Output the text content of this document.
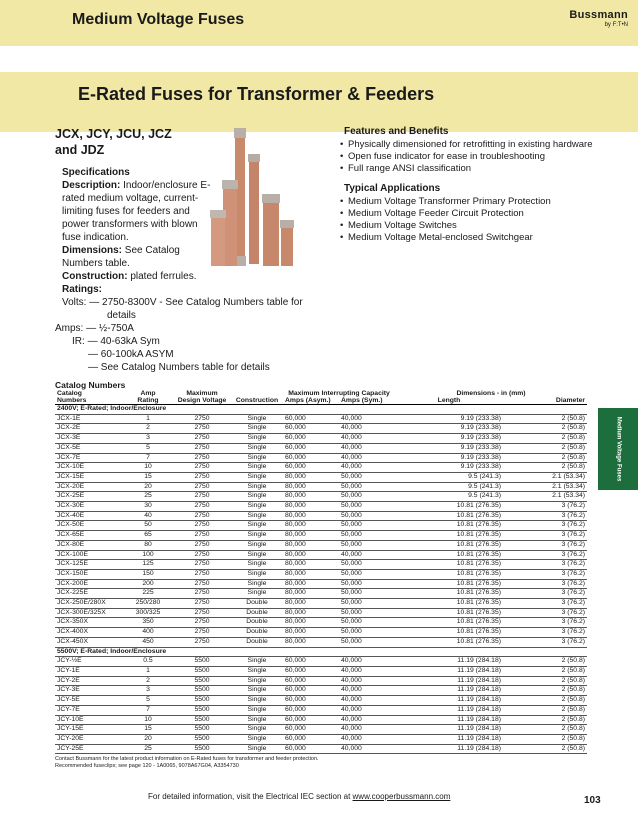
Medium Voltage Fuses	Bussmann
by F:T•N
E-Rated Fuses for Transformer & Feeders
JCX, JCY, JCU, JCZ
and JDZ
Specifications
Description: Indoor/enclosure E-rated medium voltage, current-limiting fuses for feeders and power transformers with blown fuse indication.
Dimensions: See Catalog Numbers table.
Construction: plated ferrules.
Ratings:
Volts: — 2750-8300V - See Catalog Numbers table for
details
Amps: — ½-750A
IR: — 40-63kA Sym
— 60-100kA ASYM
— See Catalog Numbers table for details
Features and Benefits
• Physically dimensioned for retrofitting in existing hardware
• Open fuse indicator for ease in troubleshooting
• Full range ANSI classification
Typical Applications
• Medium Voltage Transformer Primary Protection
• Medium Voltage Feeder Circuit Protection
• Medium Voltage Switches
• Medium Voltage Metal-enclosed Switchgear
Medium Voltage Fuses
Catalog Numbers
Catalog	Amp	Maximum		Maximum Interrupting Capacity		Dimensions - in (mm)	
Numbers	Rating	Design Voltage	Construction	Amps (Asym.)	Amps (Sym.)	Length	Diameter
2400V; E-Rated; Indoor/Enclosure							
JCX-1E	1	2750	Single	60,000	40,000	9.19 (233.38)	2 (50.8)
JCX-2E	2	2750	Single	60,000	40,000	9.19 (233.38)	2 (50.8)
JCX-3E	3	2750	Single	60,000	40,000	9.19 (233.38)	2 (50.8)
JCX-5E	5	2750	Single	60,000	40,000	9.19 (233.38)	2 (50.8)
JCX-7E	7	2750	Single	60,000	40,000	9.19 (233.38)	2 (50.8)
JCX-10E	10	2750	Single	60,000	40,000	9.19 (233.38)	2 (50.8)
JCX-15E	15	2750	Single	80,000	50,000	9.5 (241.3)	2.1 (53.34)
JCX-20E	20	2750	Single	80,000	50,000	9.5 (241.3)	2.1 (53.34)
JCX-25E	25	2750	Single	80,000	50,000	9.5 (241.3)	2.1 (53.34)
JCX-30E	30	2750	Single	80,000	50,000	10.81 (276.35)	3 (76.2)
JCX-40E	40	2750	Single	80,000	50,000	10.81 (276.35)	3 (76.2)
JCX-50E	50	2750	Single	80,000	50,000	10.81 (276.35)	3 (76.2)
JCX-65E	65	2750	Single	80,000	50,000	10.81 (276.35)	3 (76.2)
JCX-80E	80	2750	Single	80,000	50,000	10.81 (276.35)	3 (76.2)
JCX-100E	100	2750	Single	80,000	40,000	10.81 (276.35)	3 (76.2)
JCX-125E	125	2750	Single	80,000	50,000	10.81 (276.35)	3 (76.2)
JCX-150E	150	2750	Single	80,000	50,000	10.81 (276.35)	3 (76.2)
JCX-200E	200	2750	Single	80,000	50,000	10.81 (276.35)	3 (76.2)
JCX-225E	225	2750	Single	80,000	50,000	10.81 (276.35)	3 (76.2)
JCX-250E/280X	250/280	2750	Double	80,000	50,000	10.81 (276.35)	3 (76.2)
JCX-300E/325X	300/325	2750	Double	80,000	50,000	10.81 (276.35)	3 (76.2)
JCX-350X	350	2750	Double	80,000	50,000	10.81 (276.35)	3 (76.2)
JCX-400X	400	2750	Double	80,000	50,000	10.81 (276.35)	3 (76.2)
JCX-450X	450	2750	Double	80,000	50,000	10.81 (276.35)	3 (76.2)
5500V; E-Rated; Indoor/Enclosure							
JCY-½E	0.5	5500	Single	60,000	40,000	11.19 (284.18)	2 (50.8)
JCY-1E	1	5500	Single	60,000	40,000	11.19 (284.18)	2 (50.8)
JCY-2E	2	5500	Single	60,000	40,000	11.19 (284.18)	2 (50.8)
JCY-3E	3	5500	Single	60,000	40,000	11.19 (284.18)	2 (50.8)
JCY-5E	5	5500	Single	60,000	40,000	11.19 (284.18)	2 (50.8)
JCY-7E	7	5500	Single	60,000	40,000	11.19 (284.18)	2 (50.8)
JCY-10E	10	5500	Single	60,000	40,000	11.19 (284.18)	2 (50.8)
JCY-15E	15	5500	Single	60,000	40,000	11.19 (284.18)	2 (50.8)
JCY-20E	20	5500	Single	60,000	40,000	11.19 (284.18)	2 (50.8)
JCY-25E	25	5500	Single	60,000	40,000	11.19 (284.18)	2 (50.8)
Contact Bussmann for the latest product information on E-Rated fuses for transformer and feeder protection.
Recommended fuseclips; see page 120 - 1A0065, 9078A67G04, A3354730
For detailed information, visit the Electrical IEC section at www.cooperbussmann.com	103
